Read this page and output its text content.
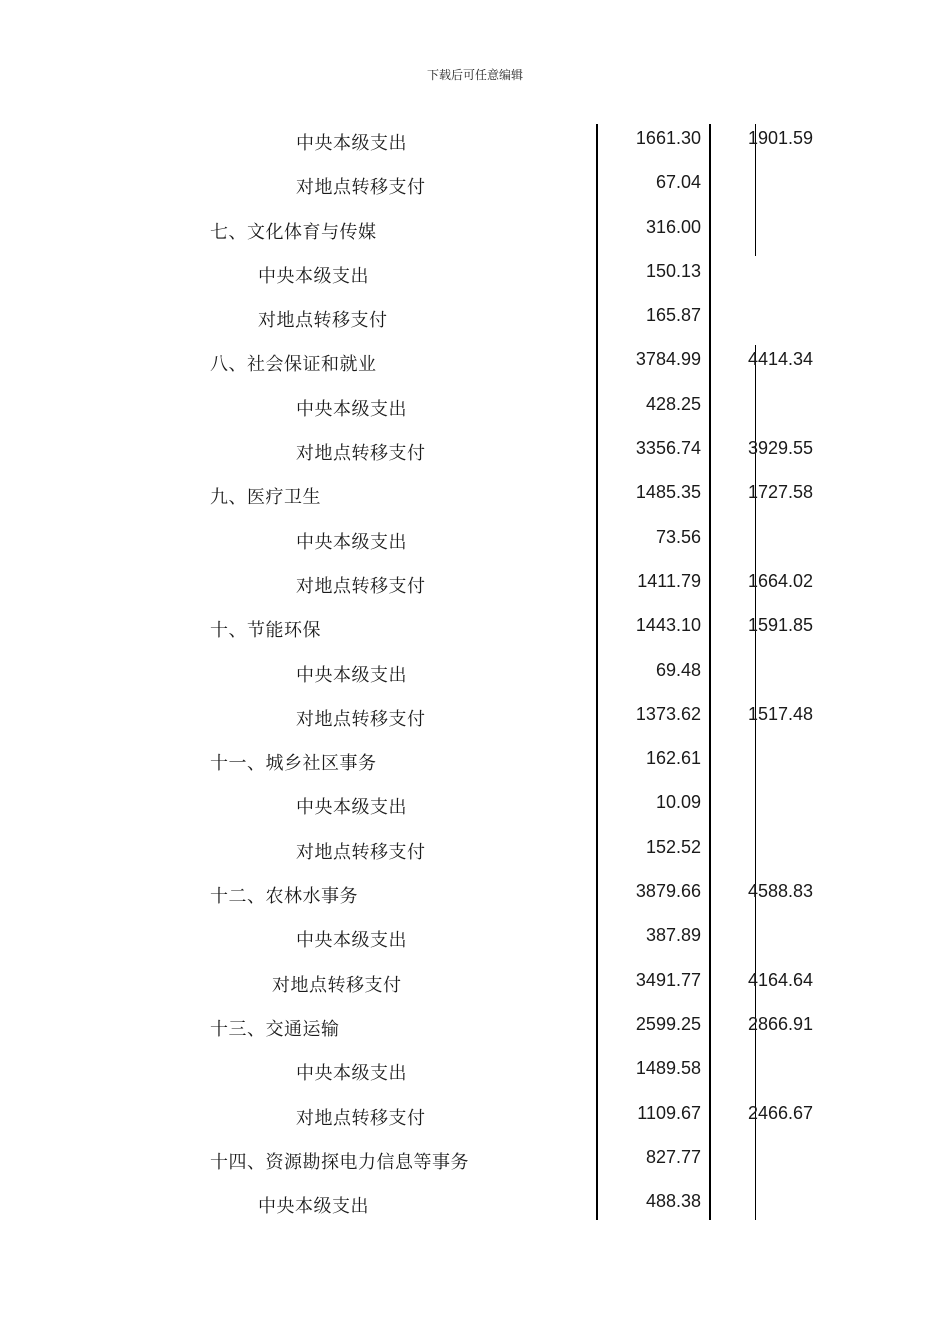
下载后可任意编辑
中央本级支出	1661.30	1901.59
对地点转移支付	67.04
七、文化体育与传媒	316.00
中央本级支出	150.13
对地点转移支付	165.87
八、社会保证和就业	3784.99	4414.34
中央本级支出	428.25
对地点转移支付	3356.74	3929.55
九、医疗卫生	1485.35	1727.58
中央本级支出	73.56
对地点转移支付	1411.79	1664.02
十、节能环保	1443.10	1591.85
中央本级支出	69.48
对地点转移支付	1373.62	1517.48
十一、城乡社区事务	162.61
中央本级支出	10.09
对地点转移支付	152.52
十二、农林水事务	3879.66	4588.83
中央本级支出	387.89
对地点转移支付	3491.77	4164.64
十三、交通运输	2599.25	2866.91
中央本级支出	1489.58
对地点转移支付	1109.67	2466.67
十四、资源勘探电力信息等事务	827.77
中央本级支出	488.38
